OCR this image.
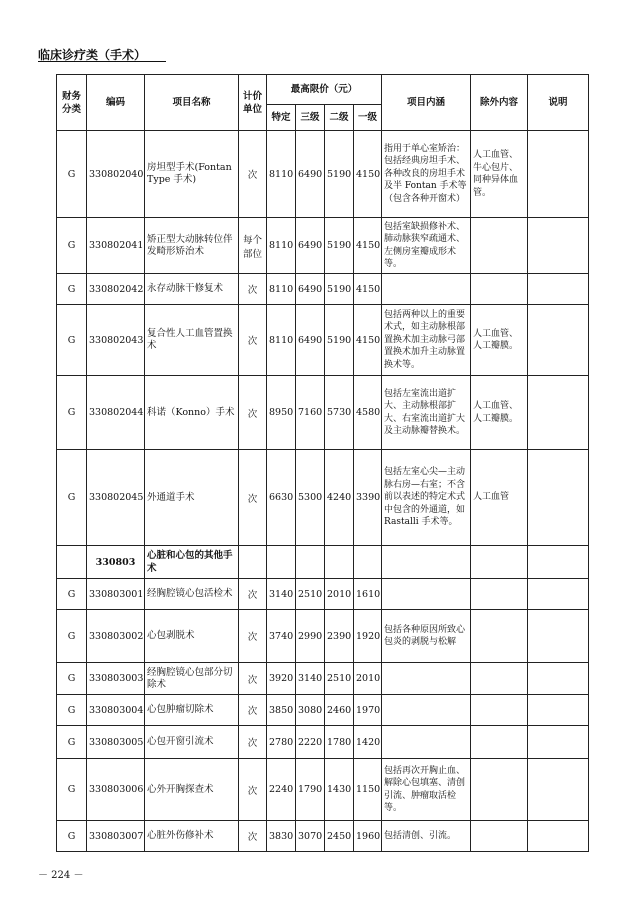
临床诊疗类（手术）
财务分类	编码	项目名称	计价单位	最高限价（元）				项目内涵	除外内容	说明
				特定	三级	二级	一级			
G	330802040	房坦型手术(Fontan Type 手术)	次	8110	6490	5190	4150	指用于单心室矫治：包括经典房坦手术、各种改良的房坦手术及半 Fontan 手术等（包含各种开窗术）	人工血管、牛心包片、同种异体血管。	
G	330802041	矫正型大动脉转位伴发畸形矫治术	每个部位	8110	6490	5190	4150	包括室缺损修补术、肺动脉狭窄疏通术、左侧房室瓣成形术等。		
G	330802042	永存动脉干修复术	次	8110	6490	5190	4150			
G	330802043	复合性人工血管置换术	次	8110	6490	5190	4150	包括两种以上的重要术式，如主动脉根部置换术加主动脉弓部置换术加升主动脉置换术等。	人工血管、人工瓣膜。	
G	330802044	科诺（Konno）手术	次	8950	7160	5730	4580	包括左室流出道扩大、主动脉根部扩大、右室流出道扩大及主动脉瓣替换术。	人工血管、人工瓣膜。	
G	330802045	外通道手术	次	6630	5300	4240	3390	包括左室心尖—主动脉右房—右室；不含前以表述的特定术式中包含的外通道，如 Rastalli 手术等。	人工血管	
	330803	心脏和心包的其他手术								
G	330803001	经胸腔镜心包活检术	次	3140	2510	2010	1610			
G	330803002	心包剥脱术	次	3740	2990	2390	1920	包括各种原因所致心包炎的剥脱与松解		
G	330803003	经胸腔镜心包部分切除术	次	3920	3140	2510	2010			
G	330803004	心包肿瘤切除术	次	3850	3080	2460	1970			
G	330803005	心包开窗引流术	次	2780	2220	1780	1420			
G	330803006	心外开胸探查术	次	2240	1790	1430	1150	包括再次开胸止血、解除心包填塞、清创引流、肿瘤取活检等。		
G	330803007	心脏外伤修补术	次	3830	3070	2450	1960	包括清创、引流。		
－ 224 －
